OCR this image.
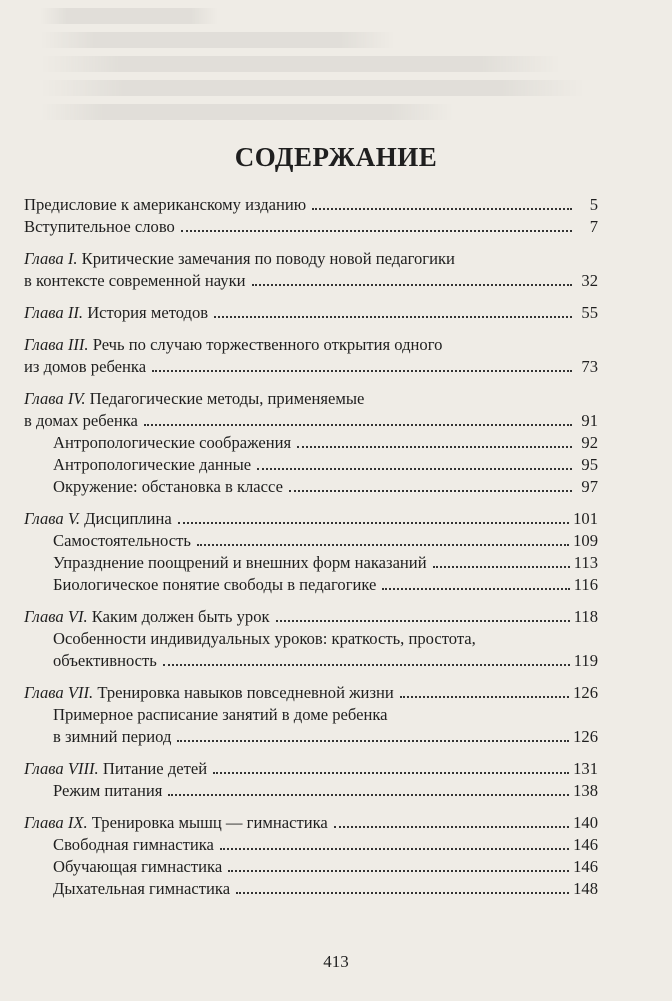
СОДЕРЖАНИЕ
Предисловие к американскому изданию	5
Вступительное слово	7
Глава I. Критические замечания по поводу новой педагогики
в контексте современной науки	32
Глава II. История методов	55
Глава III. Речь по случаю торжественного открытия одного
из домов ребенка	73
Глава IV. Педагогические методы, применяемые
в домах ребенка	91
Антропологические соображения	92
Антропологические данные	95
Окружение: обстановка в классе	97
Глава V. Дисциплина	101
Самостоятельность	109
Упразднение поощрений и внешних форм наказаний	113
Биологическое понятие свободы в педагогике	116
Глава VI. Каким должен быть урок	118
Особенности индивидуальных уроков: краткость, простота,
объективность	119
Глава VII. Тренировка навыков повседневной жизни	126
Примерное расписание занятий в доме ребенка
в зимний период	126
Глава VIII. Питание детей	131
Режим питания	138
Глава IX. Тренировка мышц — гимнастика	140
Свободная гимнастика	146
Обучающая гимнастика	146
Дыхательная гимнастика	148
413
